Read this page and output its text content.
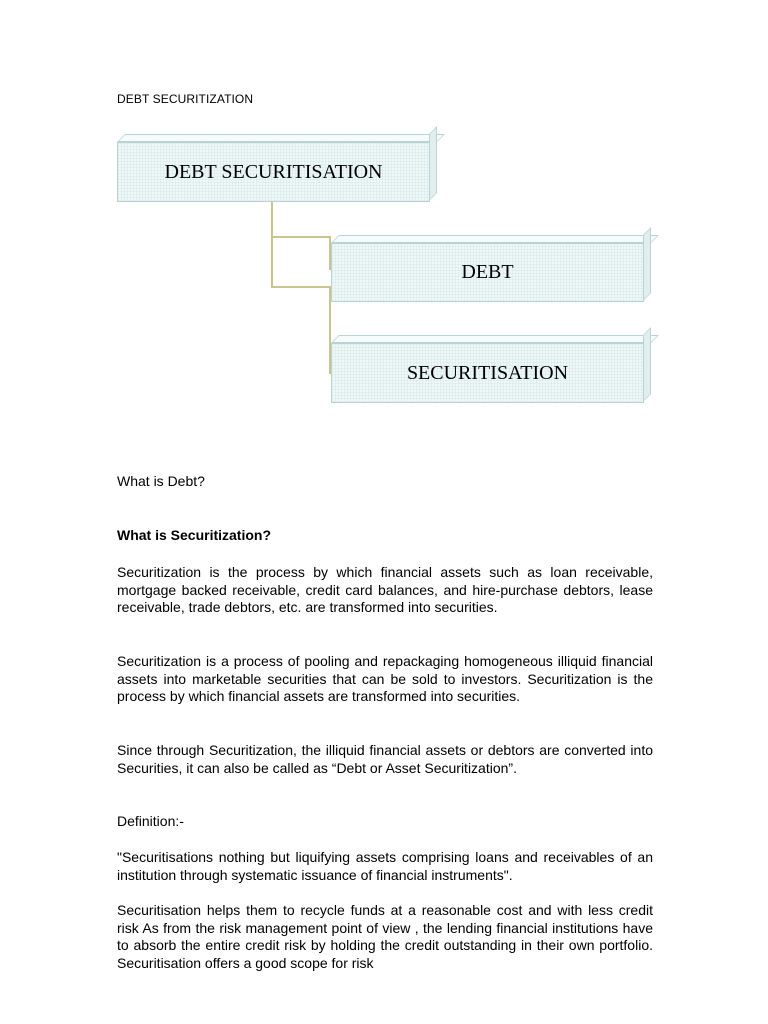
DEBT SECURITIZATION
DEBT SECURITISATION
DEBT
SECURITISATION
What is Debt?
What is Securitization?
Securitization is the process by which financial assets such as loan receivable, mortgage backed receivable, credit card balances, and hire-purchase debtors, lease receivable, trade debtors, etc. are transformed into securities.
Securitization is a process of pooling and repackaging homogeneous illiquid financial assets into marketable securities that can be sold to investors. Securitization is the process by which financial assets are transformed into securities.
Since through Securitization, the illiquid financial assets or debtors are converted into Securities, it can also be called as “Debt or Asset Securitization”.
Definition:-
"Securitisations nothing but liquifying assets comprising loans and receivables of an institution through systematic issuance of financial instruments".
Securitisation helps them to recycle funds at a reasonable cost and with less credit risk As from the risk management point of view , the lending financial institutions have to absorb the entire credit risk by holding the credit outstanding in their own portfolio. Securitisation offers a good scope for risk
